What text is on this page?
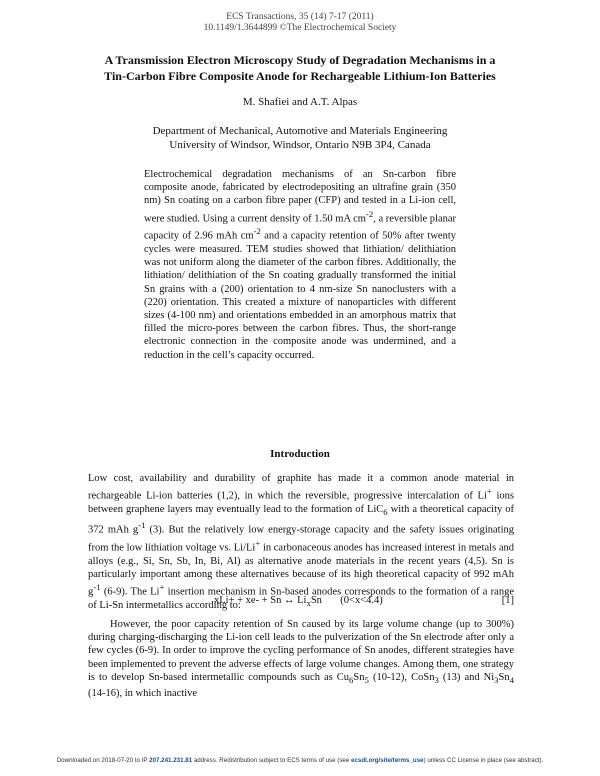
ECS Transactions, 35 (14) 7-17 (2011)
10.1149/1.3644899 ©The Electrochemical Society
A Transmission Electron Microscopy Study of Degradation Mechanisms in a
Tin-Carbon Fibre Composite Anode for Rechargeable Lithium-Ion Batteries
M. Shafiei and A.T. Alpas
Department of Mechanical, Automotive and Materials Engineering
University of Windsor, Windsor, Ontario N9B 3P4, Canada

Electrochemical degradation mechanisms of an Sn-carbon fibre composite anode, fabricated by electrodepositing an ultrafine grain (350 nm) Sn coating on a carbon fibre paper (CFP) and tested in a Li-ion cell, were studied. Using a current density of 1.50 mA $cm^{-2}$, a reversible planar capacity of 2.96 mAh $cm^{-2}$ and a capacity retention of 50% after twenty cycles were measured. TEM studies showed that lithiation/ delithiation was not uniform along the diameter of the carbon fibres. Additionally, the lithiation/ delithiation of the Sn coating gradually transformed the initial Sn grains with a (200) orientation to 4 nm-size Sn nanoclusters with a (220) orientation. This created a mixture of nanoparticles with different sizes (4-100 nm) and orientations embedded in an amorphous matrix that filled the micro-pores between the carbon fibres. Thus, the short-range electronic connection in the composite anode was undermined, and a reduction in the cell’s capacity occurred.

Introduction

Low cost, availability and durability of graphite has made it a common anode material in rechargeable Li-ion batteries (1,2), in which the reversible, progressive intercalation of Li+ ions between graphene layers may eventually lead to the formation of LiC$_6$ with a theoretical capacity of 372 mAh $g^{-1}$ (3). But the relatively low energy-storage capacity and the safety issues originating from the low lithiation voltage vs. Li/Li+ in carbonaceous anodes has increased interest in metals and alloys (e.g., Si, Sn, Sb, In, Bi, Al) as alternative anode materials in the recent years (4,5). Sn is particularly important among these alternatives because of its high theoretical capacity of 992 mAh $g^{-1}$ (6-9). The Li+ insertion mechanism in Sn-based anodes corresponds to the formation of a range of Li-Sn intermetallics according to:

xLi+ + xe- + Sn ↔ $Li_xSn$ (0<x<4.4)	[1]

However, the poor capacity retention of Sn caused by its large volume change (up to 300%) during charging-discharging the Li-ion cell leads to the pulverization of the Sn electrode after only a few cycles (6-9). In order to improve the cycling performance of Sn anodes, different strategies have been implemented to prevent the adverse effects of large volume changes. Among them, one strategy is to develop Sn-based intermetallic compounds such as $Cu_6Sn_5$ (10-12), CoSn$_3$ (13) and $Ni_3Sn_4$ (14-16), in which inactive

Downloaded on 2018-07-20 to IP 207.241.231.81 address. Redistribution subject to ECS terms of use (see ecsdl.org/site/terms_use) unless CC License in place (see abstract).
